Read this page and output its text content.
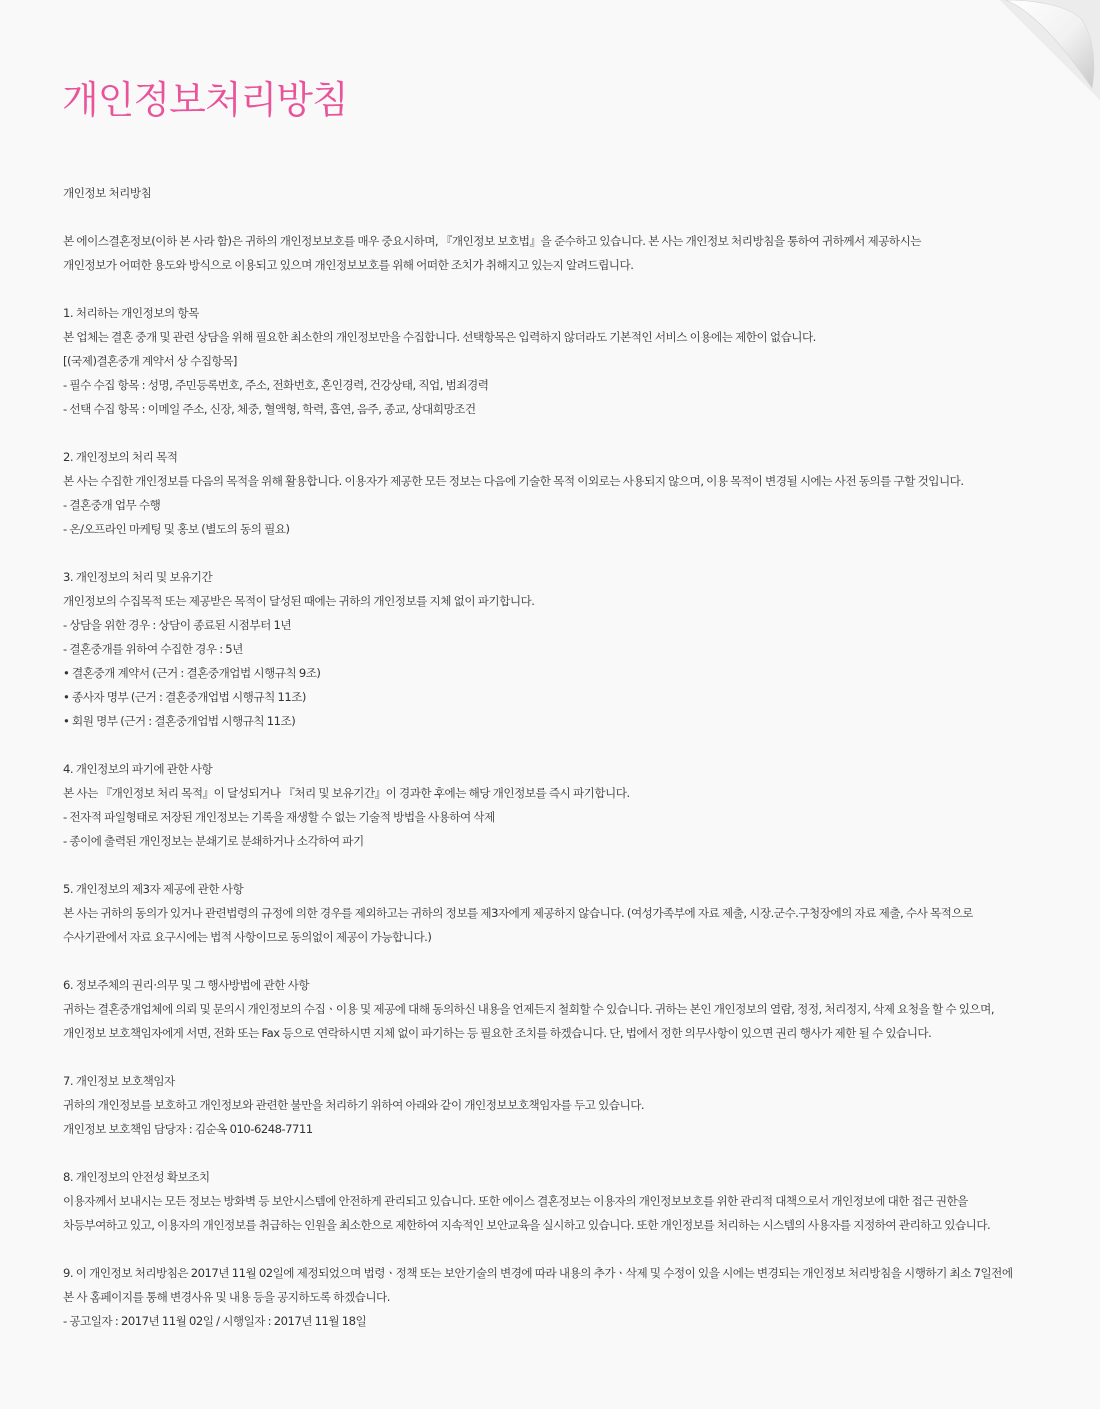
개인정보처리방침

개인정보 처리방침

본 에이스결혼정보(이하 본 사라 함)은 귀하의 개인정보보호를 매우 중요시하며, 『개인정보 보호법』을 준수하고 있습니다. 본 사는 개인정보 처리방침을 통하여 귀하께서 제공하시는

개인정보가 어떠한 용도와 방식으로 이용되고 있으며 개인정보보호를 위해 어떠한 조치가 취해지고 있는지 알려드립니다.

1. 처리하는 개인정보의 항목

본 업체는 결혼 중개 및 관련 상담을 위해 필요한 최소한의 개인정보만을 수집합니다. 선택항목은 입력하지 않더라도 기본적인 서비스 이용에는 제한이 없습니다.

[(국제)결혼중개 계약서 상 수집항목]

- 필수 수집 항목 : 성명, 주민등록번호, 주소, 전화번호, 혼인경력, 건강상태, 직업, 범죄경력

- 선택 수집 항목 : 이메일 주소, 신장, 체중, 혈액형, 학력, 흡연, 음주, 종교, 상대희망조건

2. 개인정보의 처리 목적

본 사는 수집한 개인정보를 다음의 목적을 위해 활용합니다. 이용자가 제공한 모든 정보는 다음에 기술한 목적 이외로는 사용되지 않으며, 이용 목적이 변경될 시에는 사전 동의를 구할 것입니다.

- 결혼중개 업무 수행

- 온/오프라인 마케팅 및 홍보 (별도의 동의 필요)

3. 개인정보의 처리 및 보유기간

개인정보의 수집목적 또는 제공받은 목적이 달성된 때에는 귀하의 개인정보를 지체 없이 파기합니다.

- 상담을 위한 경우 : 상담이 종료된 시점부터 1년

- 결혼중개를 위하여 수집한 경우 : 5년

• 결혼중개 계약서 (근거 : 결혼중개업법 시행규칙 9조)

• 종사자 명부 (근거 : 결혼중개업법 시행규칙 11조)

• 회원 명부 (근거 : 결혼중개업법 시행규칙 11조)

4. 개인정보의 파기에 관한 사항

본 사는 『개인정보 처리 목적』이 달성되거나 『처리 및 보유기간』이 경과한 후에는 해당 개인정보를 즉시 파기합니다.

- 전자적 파일형태로 저장된 개인정보는 기록을 재생할 수 없는 기술적 방법을 사용하여 삭제

- 종이에 출력된 개인정보는 분쇄기로 분쇄하거나 소각하여 파기

5. 개인정보의 제3자 제공에 관한 사항

본 사는 귀하의 동의가 있거나 관련법령의 규정에 의한 경우를 제외하고는 귀하의 정보를 제3자에게 제공하지 않습니다. (여성가족부에 자료 제출, 시장.군수.구청장에의 자료 제출, 수사 목적으로

수사기관에서 자료 요구시에는 법적 사항이므로 동의없이 제공이 가능합니다.)

6. 정보주체의 권리·의무 및 그 행사방법에 관한 사항

귀하는 결혼중개업체에 의뢰 및 문의시 개인정보의 수집ㆍ이용 및 제공에 대해 동의하신 내용을 언제든지 철회할 수 있습니다. 귀하는 본인 개인정보의 열람, 정정, 처리정지, 삭제 요청을 할 수 있으며,

개인정보 보호책임자에게 서면, 전화 또는 Fax 등으로 연락하시면 지체 없이 파기하는 등 필요한 조치를 하겠습니다. 단, 법에서 정한 의무사항이 있으면 권리 행사가 제한 될 수 있습니다.

7. 개인정보 보호책임자

귀하의 개인정보를 보호하고 개인정보와 관련한 불만을 처리하기 위하여 아래와 같이 개인정보보호책임자를 두고 있습니다.

개인정보 보호책임 담당자 : 김순옥 010-6248-7711

8. 개인정보의 안전성 확보조치

이용자께서 보내시는 모든 정보는 방화벽 등 보안시스템에 안전하게 관리되고 있습니다. 또한 에이스 결혼정보는 이용자의 개인정보보호를 위한 관리적 대책으로서 개인정보에 대한 접근 권한을

차등부여하고 있고, 이용자의 개인정보를 취급하는 인원을 최소한으로 제한하여 지속적인 보안교육을 실시하고 있습니다. 또한 개인정보를 처리하는 시스템의 사용자를 지정하여 관리하고 있습니다.

9. 이 개인정보 처리방침은 2017년 11월 02일에 제정되었으며 법령ㆍ정책 또는 보안기술의 변경에 따라 내용의 추가ㆍ삭제 및 수정이 있을 시에는 변경되는 개인정보 처리방침을 시행하기 최소 7일전에

본 사 홈페이지를 통해 변경사유 및 내용 등을 공지하도록 하겠습니다.

- 공고일자 : 2017년 11월 02일 / 시행일자 : 2017년 11월 18일
